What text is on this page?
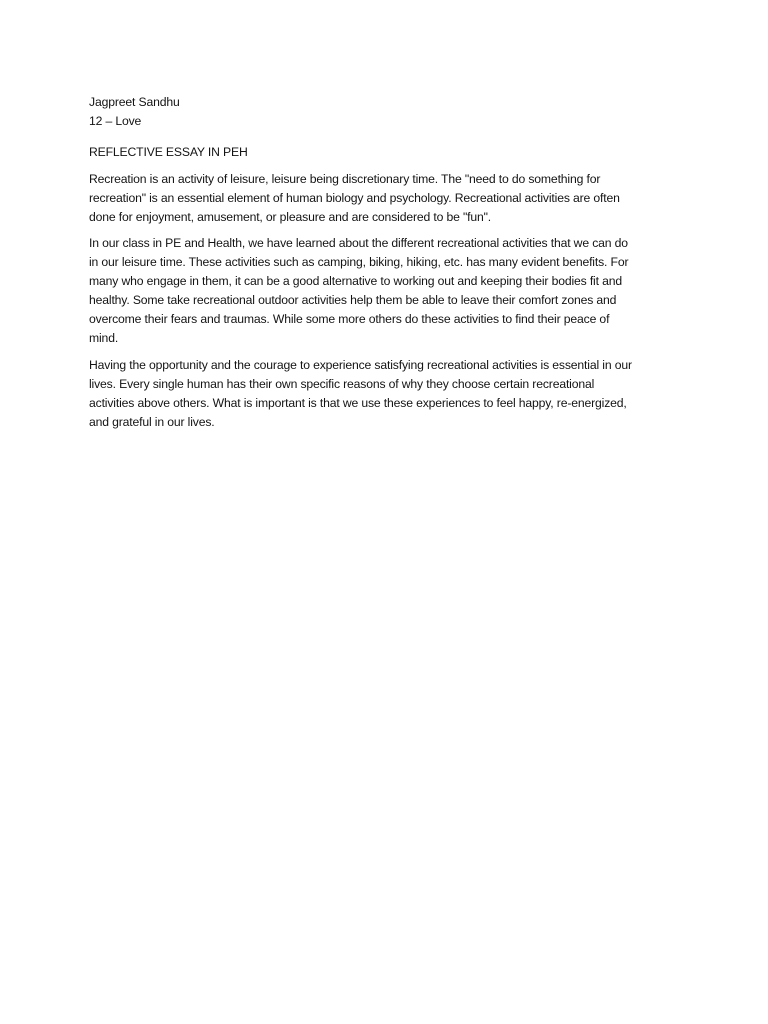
Jagpreet Sandhu
12 – Love
REFLECTIVE ESSAY IN PEH
Recreation is an activity of leisure, leisure being discretionary time. The "need to do something for
recreation" is an essential element of human biology and psychology. Recreational activities are often
done for enjoyment, amusement, or pleasure and are considered to be "fun".
In our class in PE and Health, we have learned about the different recreational activities that we can do
in our leisure time. These activities such as camping, biking, hiking, etc. has many evident benefits. For
many who engage in them, it can be a good alternative to working out and keeping their bodies fit and
healthy. Some take recreational outdoor activities help them be able to leave their comfort zones and
overcome their fears and traumas. While some more others do these activities to find their peace of
mind.
Having the opportunity and the courage to experience satisfying recreational activities is essential in our
lives. Every single human has their own specific reasons of why they choose certain recreational
activities above others. What is important is that we use these experiences to feel happy, re-energized,
and grateful in our lives.
